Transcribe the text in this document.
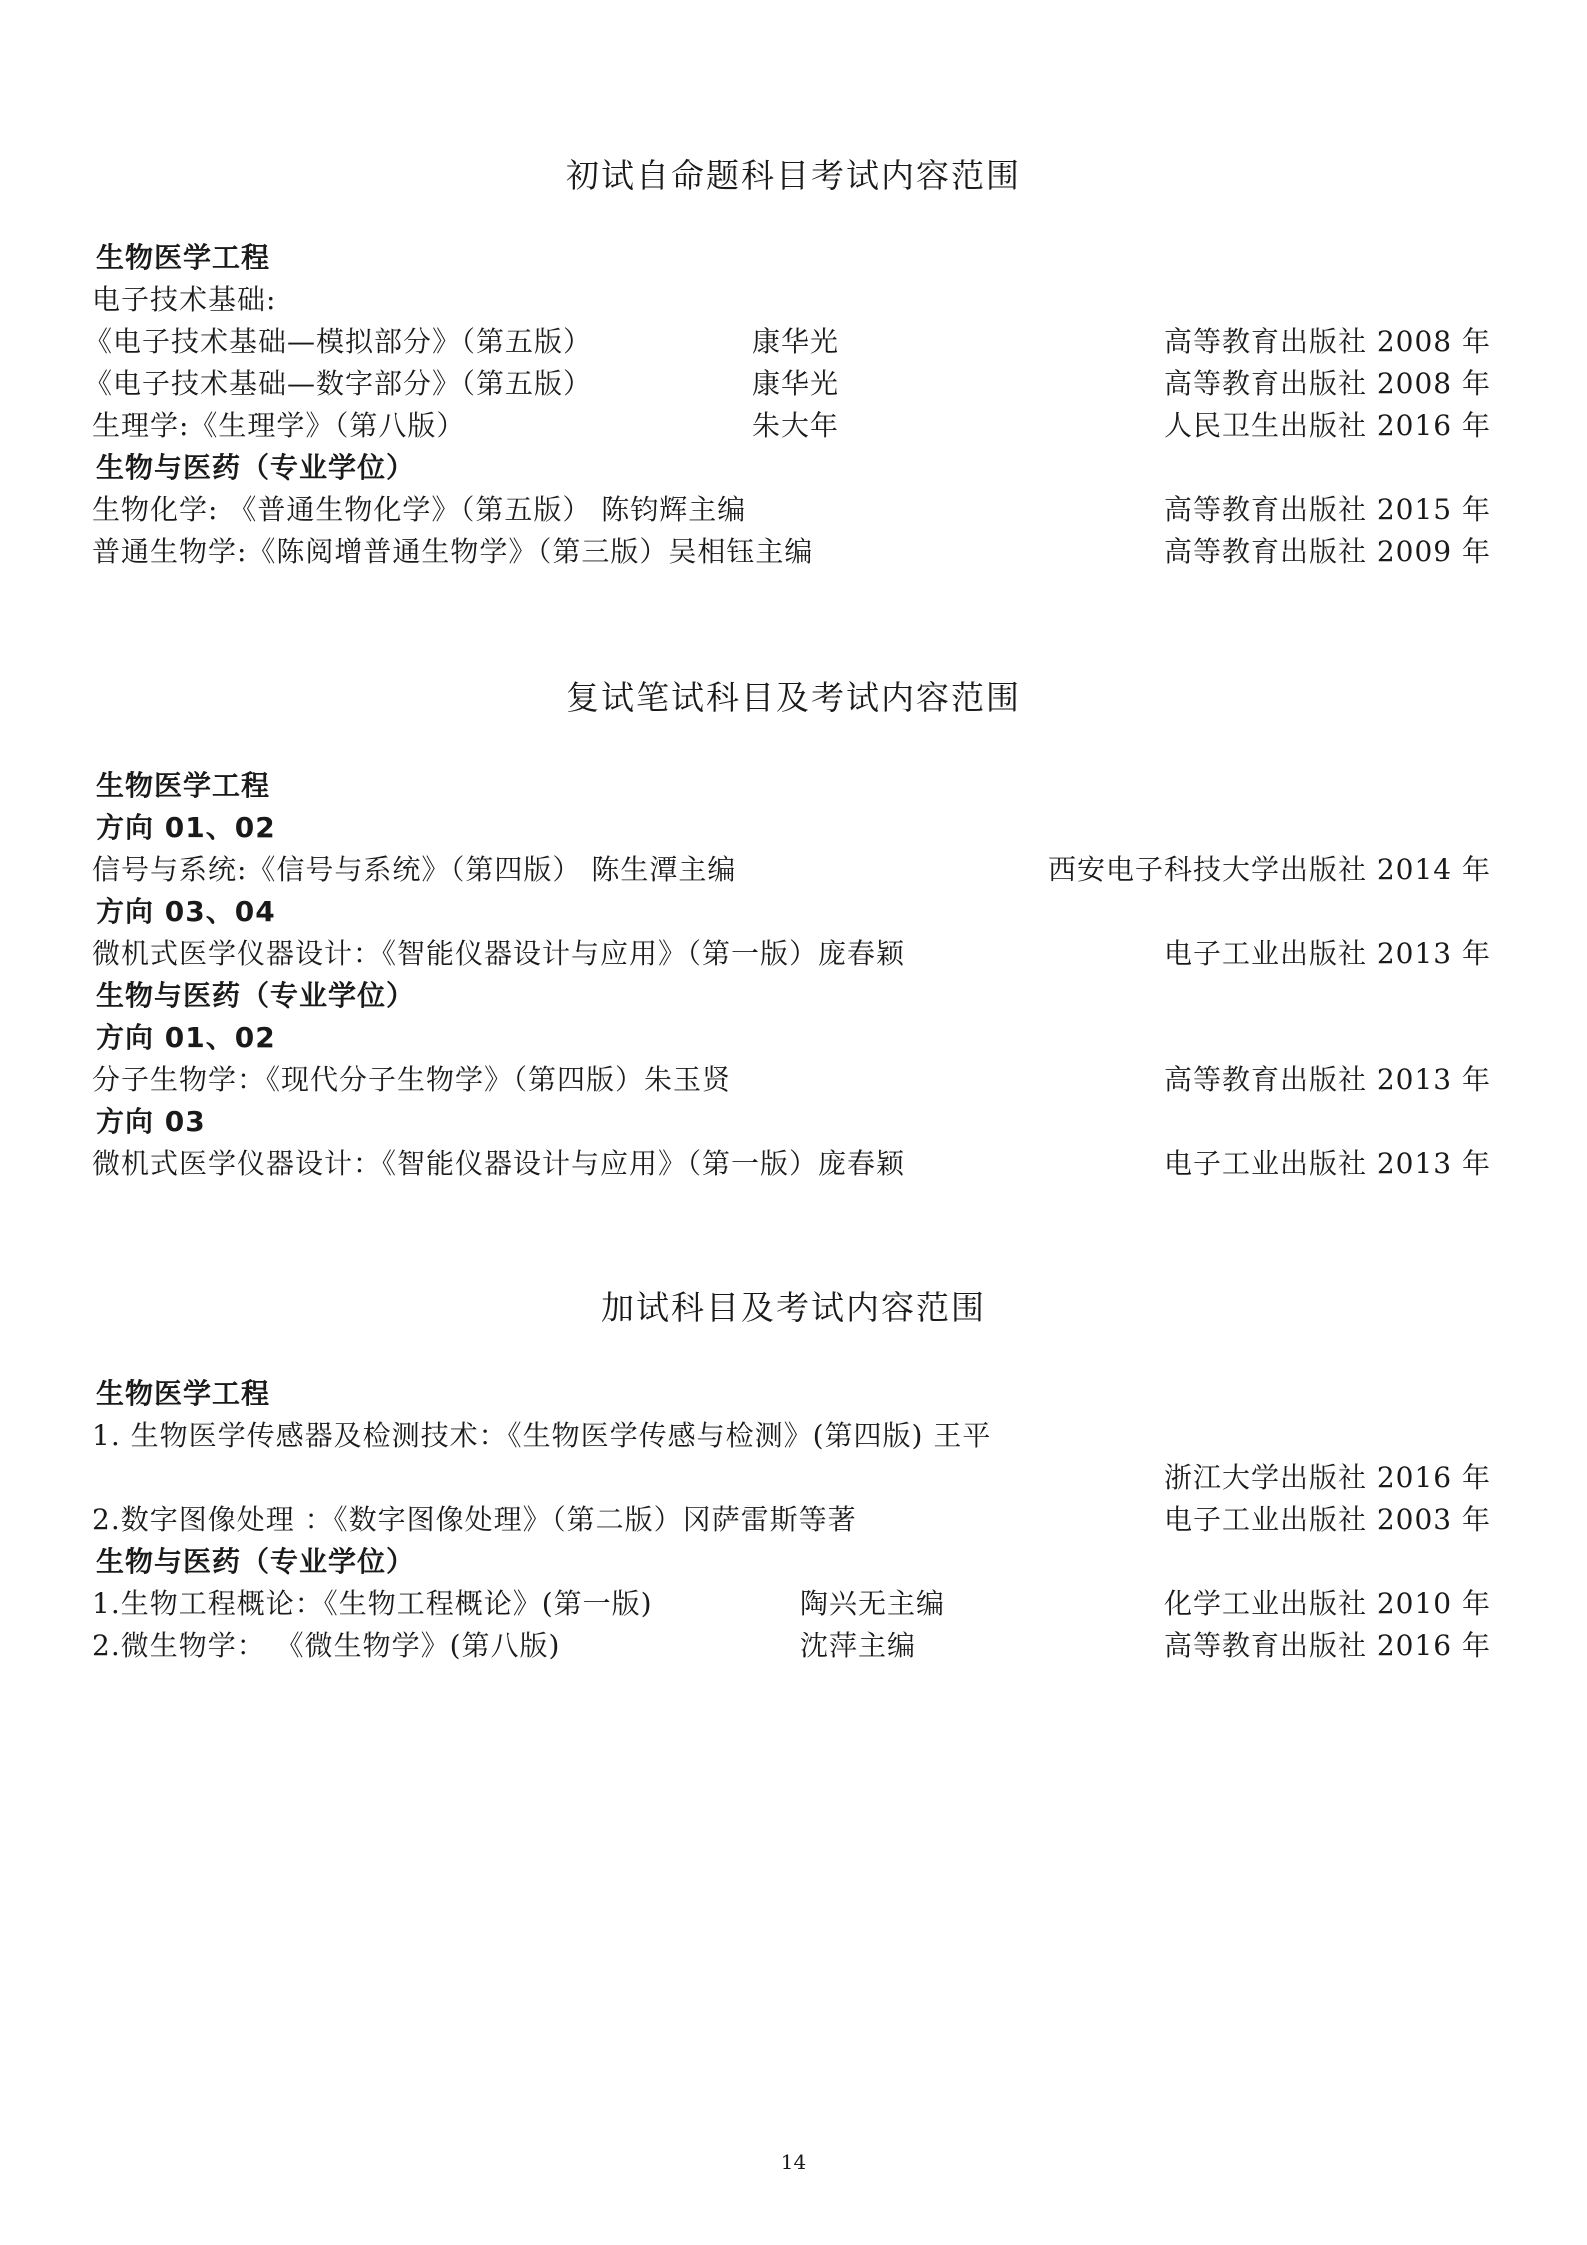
初试自命题科目考试内容范围
生物医学工程
电子技术基础:
《电子技术基础—模拟部分》（第五版）	康华光	高等教育出版社 2008 年
《电子技术基础—数字部分》（第五版）	康华光	高等教育出版社 2008 年
生理学:《生理学》（第八版）	朱大年	人民卫生出版社 2016 年
生物与医药（专业学位）
生物化学: 《普通生物化学》（第五版） 陈钧辉主编	高等教育出版社 2015 年
普通生物学:《陈阅增普通生物学》（第三版）吴相钰主编	高等教育出版社 2009 年
复试笔试科目及考试内容范围
生物医学工程
方向 01、02
信号与系统:《信号与系统》（第四版） 陈生潭主编	西安电子科技大学出版社 2014 年
方向 03、04
微机式医学仪器设计：《智能仪器设计与应用》（第一版）庞春颖	电子工业出版社 2013 年
生物与医药（专业学位）
方向 01、02
分子生物学：《现代分子生物学》（第四版）朱玉贤	高等教育出版社 2013 年
方向 03
微机式医学仪器设计：《智能仪器设计与应用》（第一版）庞春颖	电子工业出版社 2013 年
加试科目及考试内容范围
生物医学工程
1. 生物医学传感器及检测技术：《生物医学传感与检测》(第四版) 王平
浙江大学出版社 2016 年
2.数字图像处理 ：《数字图像处理》（第二版）冈萨雷斯等著	电子工业出版社 2003 年
生物与医药（专业学位）
1.生物工程概论：《生物工程概论》(第一版)	陶兴无主编	化学工业出版社 2010 年
2.微生物学： 《微生物学》(第八版)	沈萍主编	高等教育出版社 2016 年
14
